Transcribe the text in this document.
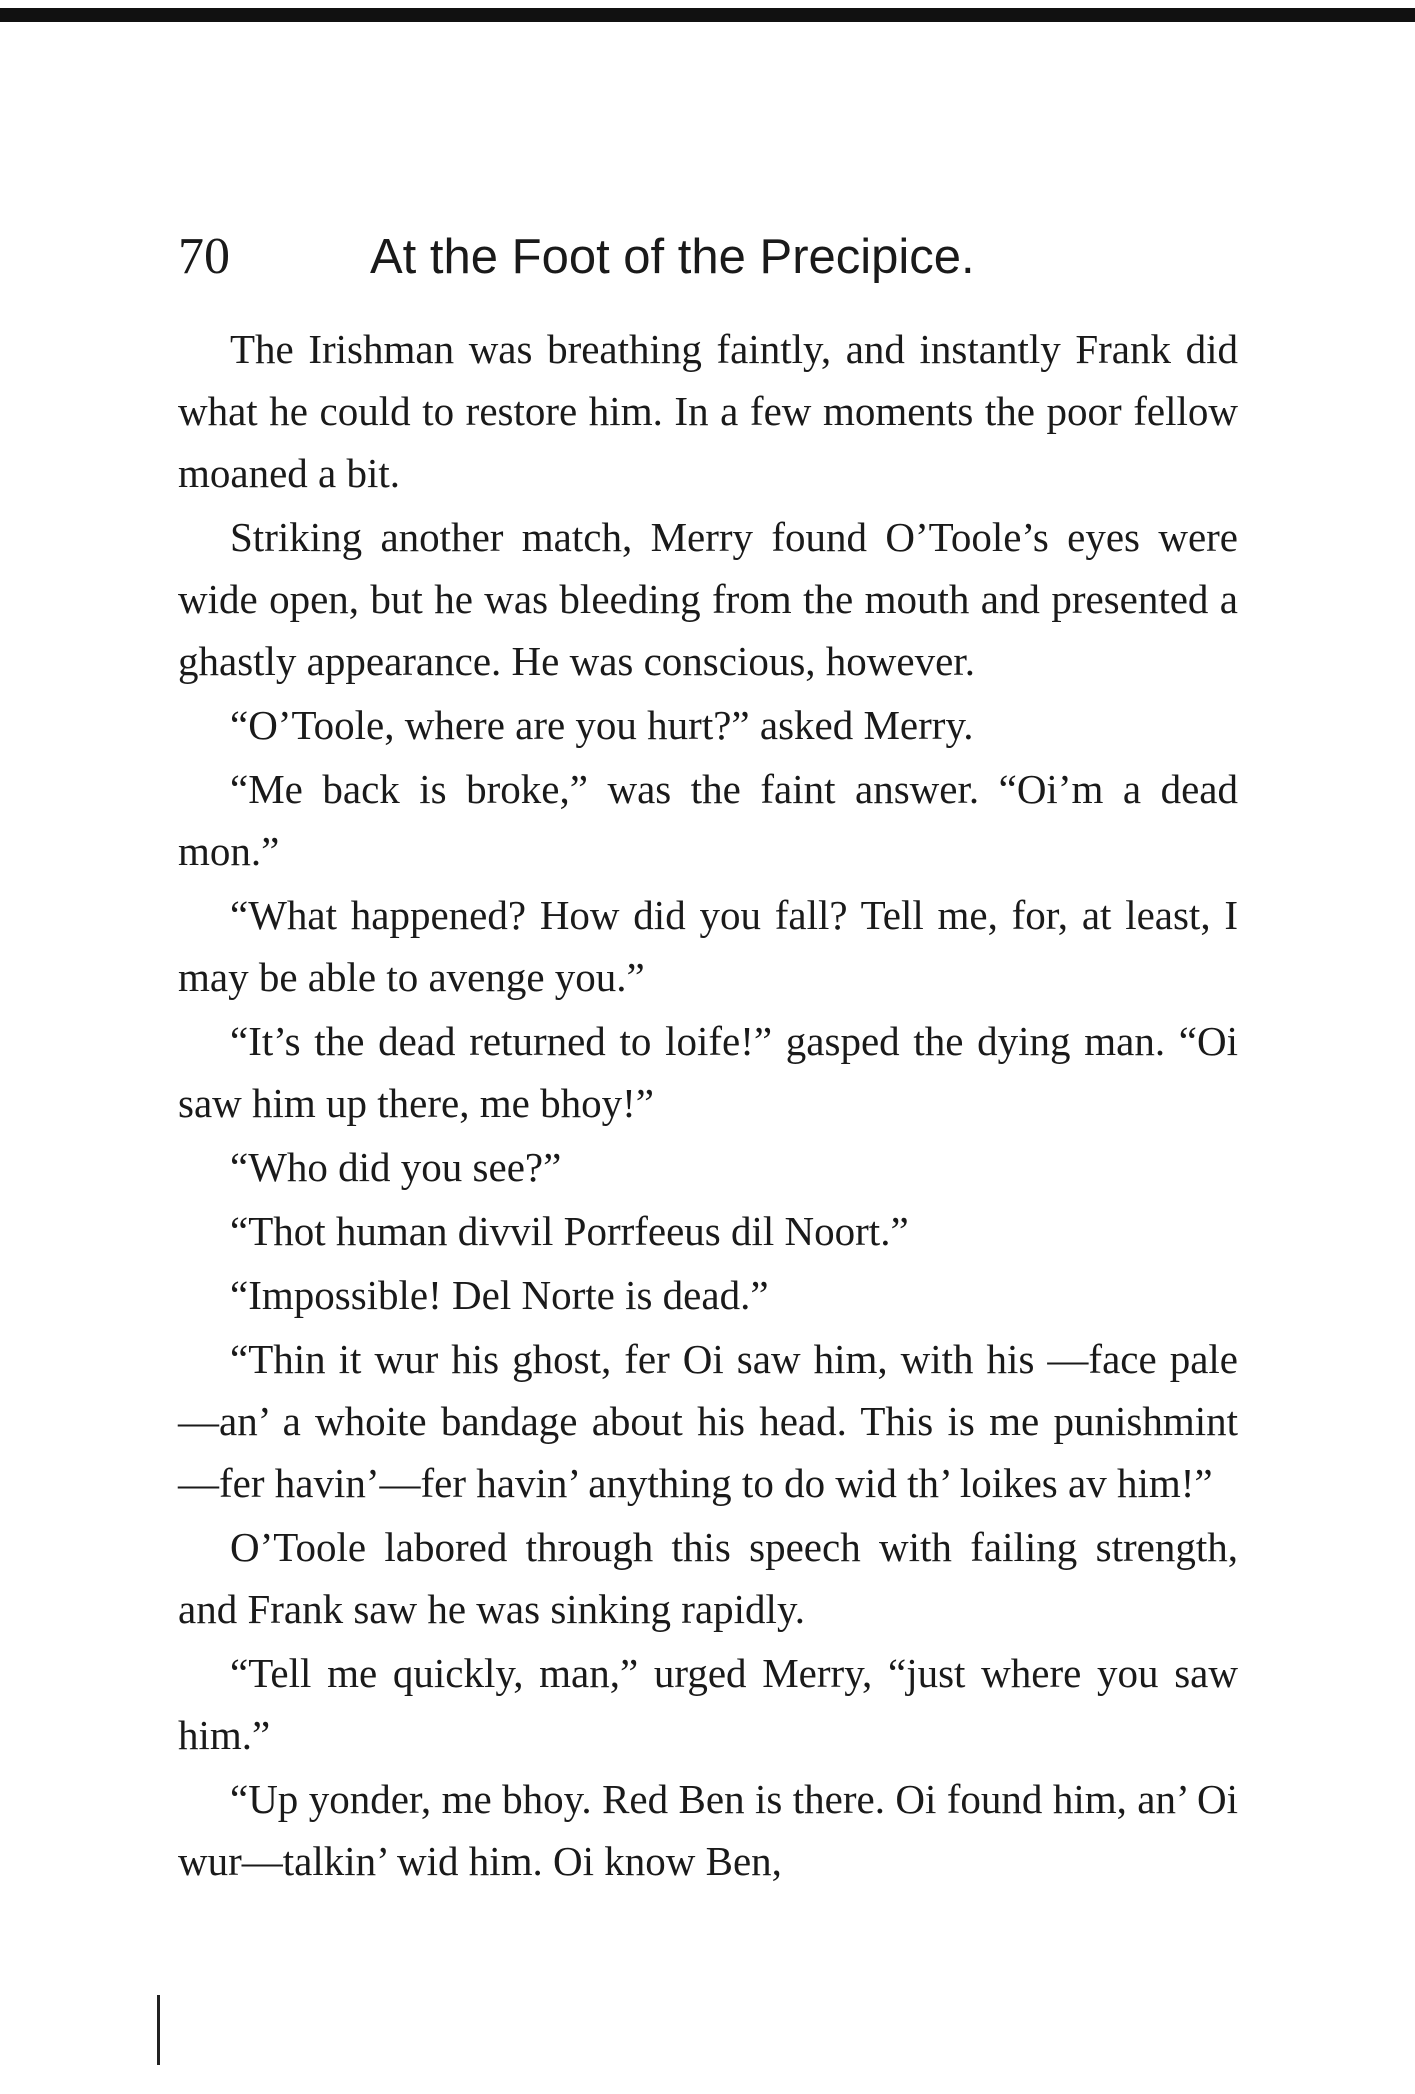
70	At the Foot of the Precipice.

The Irishman was breathing faintly, and instantly Frank did what he could to restore him. In a few moments the poor fellow moaned a bit.

Striking another match, Merry found O’Toole’s eyes were wide open, but he was bleeding from the mouth and presented a ghastly appearance. He was conscious, however.

“O’Toole, where are you hurt?” asked Merry.

“Me back is broke,” was the faint answer. “Oi’m a dead mon.”

“What happened? How did you fall? Tell me, for, at least, I may be able to avenge you.”

“It’s the dead returned to loife!” gasped the dying man. “Oi saw him up there, me bhoy!”

“Who did you see?”

“Thot human divvil Porrfeeus dil Noort.”

“Impossible! Del Norte is dead.”

“Thin it wur his ghost, fer Oi saw him, with his —face pale—an’ a whoite bandage about his head. This is me punishmint—fer havin’—fer havin’ anything to do wid th’ loikes av him!”

O’Toole labored through this speech with failing strength, and Frank saw he was sinking rapidly.

“Tell me quickly, man,” urged Merry, “just where you saw him.”

“Up yonder, me bhoy. Red Ben is there. Oi found him, an’ Oi wur—talkin’ wid him. Oi know Ben,
